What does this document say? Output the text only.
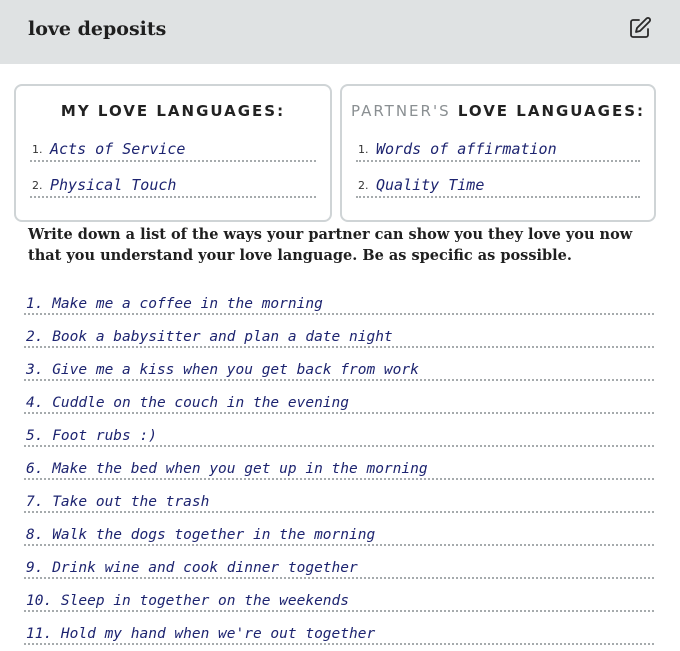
love deposits
MY LOVE LANGUAGES:
1. Acts of Service
2. Physical Touch
PARTNER'S LOVE LANGUAGES:
1. Words of affirmation
2. Quality Time
Write down a list of the ways your partner can show you they love you now that you understand your love language. Be as specific as possible.
1. Make me a coffee in the morning
2. Book a babysitter and plan a date night
3. Give me a kiss when you get back from work
4. Cuddle on the couch in the evening
5. Foot rubs :)
6. Make the bed when you get up in the morning
7. Take out the trash
8. Walk the dogs together in the morning
9. Drink wine and cook dinner together
10. Sleep in together on the weekends
11. Hold my hand when we're out together
